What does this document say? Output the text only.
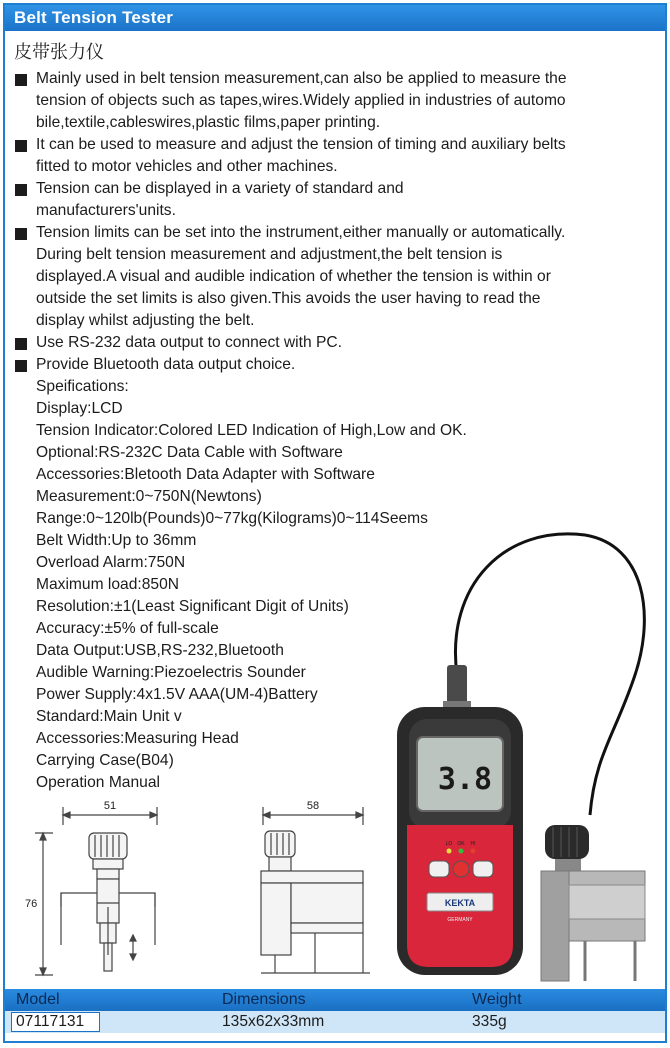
Belt Tension Tester
皮带张力仪
Mainly used in belt tension measurement,can also be applied to measure the
tension of objects such as tapes,wires.Widely applied in industries of automo
bile,textile,cableswires,plastic films,paper printing.
It can be used to measure and adjust the tension of timing and auxiliary belts
fitted to motor vehicles and other machines.
Tension can be displayed in a variety of standard and
manufacturers'units.
Tension limits can be set into the instrument,either manually or automatically.
During belt tension measurement and adjustment,the belt tension is
displayed.A visual and audible indication of whether the tension is within or
outside the set limits is also given.This avoids the user having to read the
display whilst adjusting the belt.
Use RS-232 data output to connect with PC.
Provide Bluetooth data output choice.
Speifications:
Display:LCD
Tension Indicator:Colored LED Indication of High,Low and OK.
Optional:RS-232C Data Cable with Software
Accessories:Bletooth Data Adapter with Software
Measurement:0~750N(Newtons)
Range:0~120lb(Pounds)0~77kg(Kilograms)0~114Seems
Belt Width:Up to 36mm
Overload Alarm:750N
Maximum load:850N
Resolution:±1(Least Significant Digit of Units)
Accuracy:±5% of full-scale
Data Output:USB,RS-232,Bluetooth
Audible Warning:Piezoelectris Sounder
Power Supply:4x1.5V AAA(UM-4)Battery
Standard:Main Unit v
Accessories:Measuring Head
Carrying Case(B04)
Operation Manual
51
76
58
3.8
LO OK HI
KEKTA
GERMANY
Model	Dimensions	Weight
07117131	135x62x33mm	335g
